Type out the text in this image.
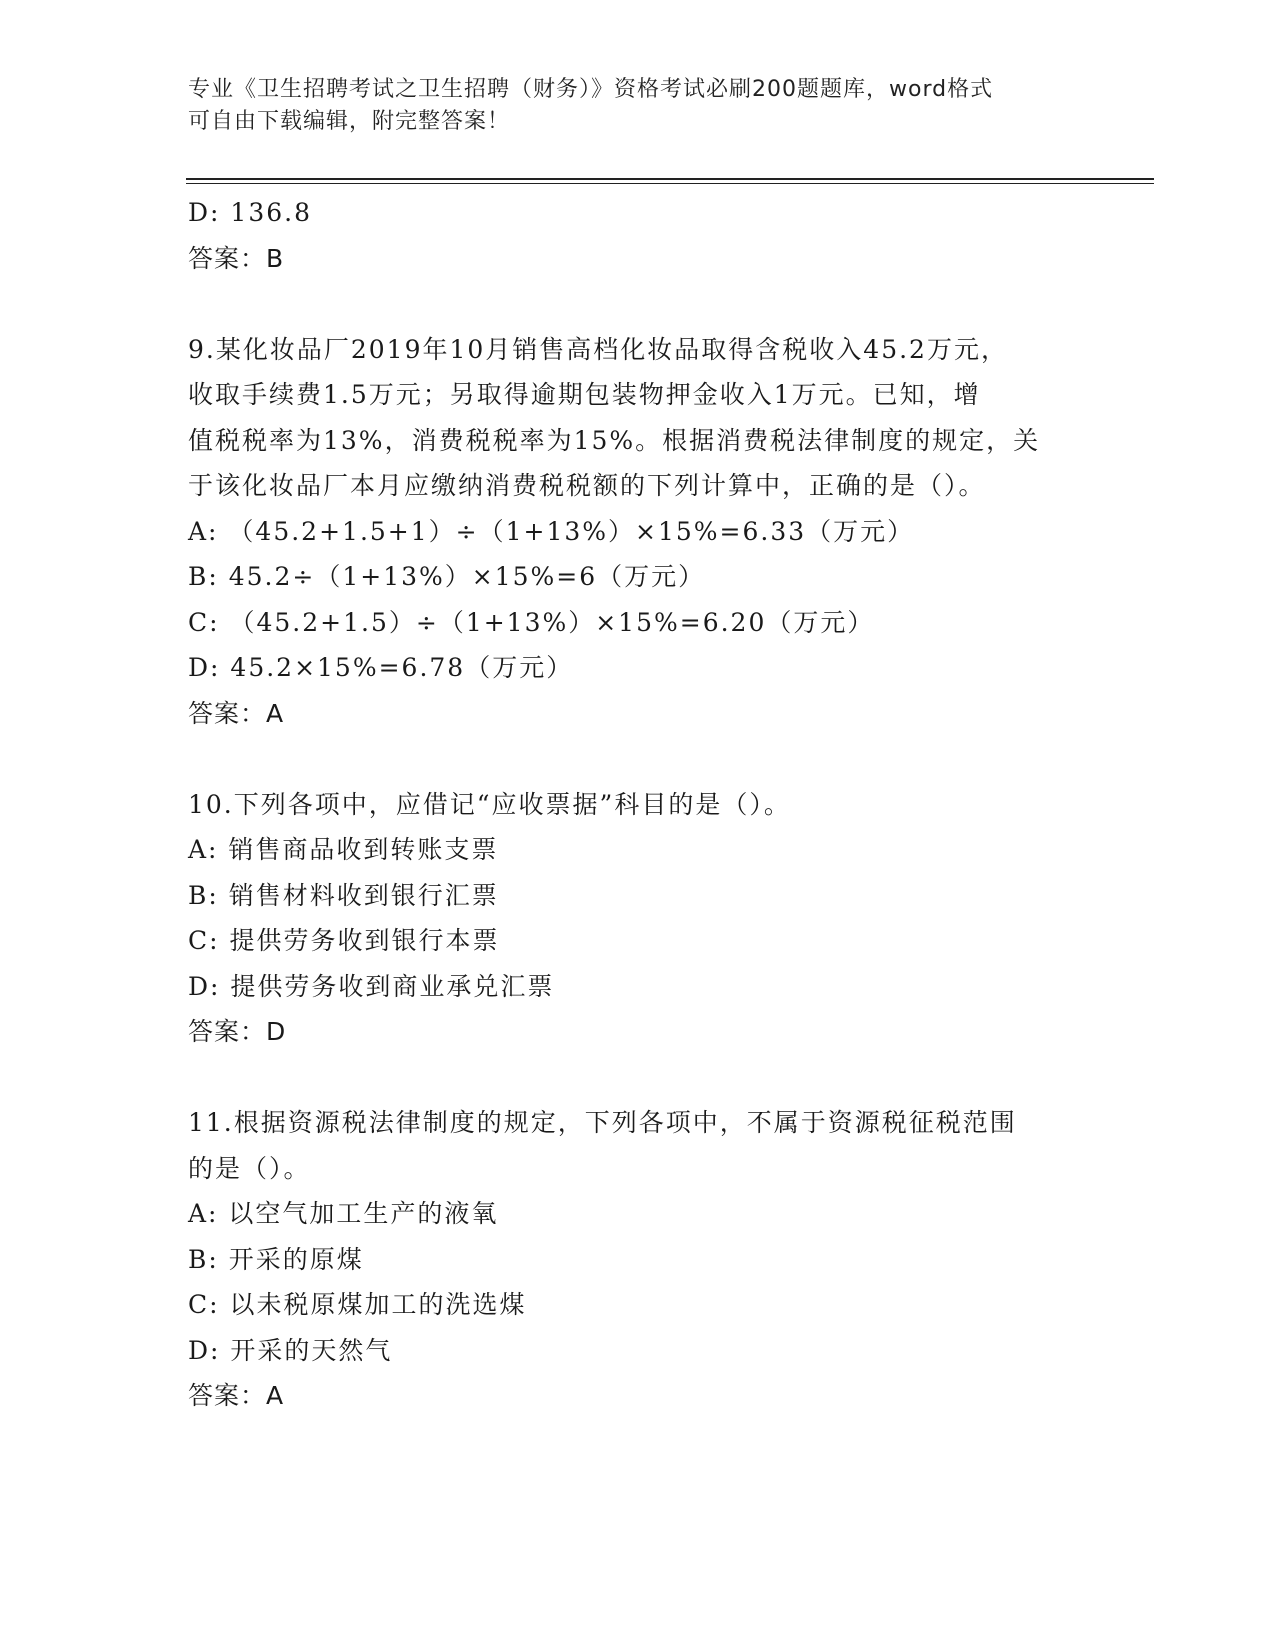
专业《卫生招聘考试之卫生招聘（财务）》资格考试必刷200题题库，word格式
可自由下载编辑，附完整答案！
D: 136.8
答案：B
9.某化妆品厂2019年10月销售高档化妆品取得含税收入45.2万元，
收取手续费1.5万元；另取得逾期包装物押金收入1万元。已知，增
值税税率为13%，消费税税率为15%。根据消费税法律制度的规定，关
于该化妆品厂本月应缴纳消费税税额的下列计算中，正确的是（）。
A: （45.2+1.5+1）÷（1+13%）×15%=6.33（万元）
B: 45.2÷（1+13%）×15%=6（万元）
C: （45.2+1.5）÷（1+13%）×15%=6.20（万元）
D: 45.2×15%=6.78（万元）
答案：A
10.下列各项中，应借记“应收票据”科目的是（）。
A: 销售商品收到转账支票
B: 销售材料收到银行汇票
C: 提供劳务收到银行本票
D: 提供劳务收到商业承兑汇票
答案：D
11.根据资源税法律制度的规定，下列各项中，不属于资源税征税范围
的是（）。
A: 以空气加工生产的液氧
B: 开采的原煤
C: 以未税原煤加工的洗选煤
D: 开采的天然气
答案：A
